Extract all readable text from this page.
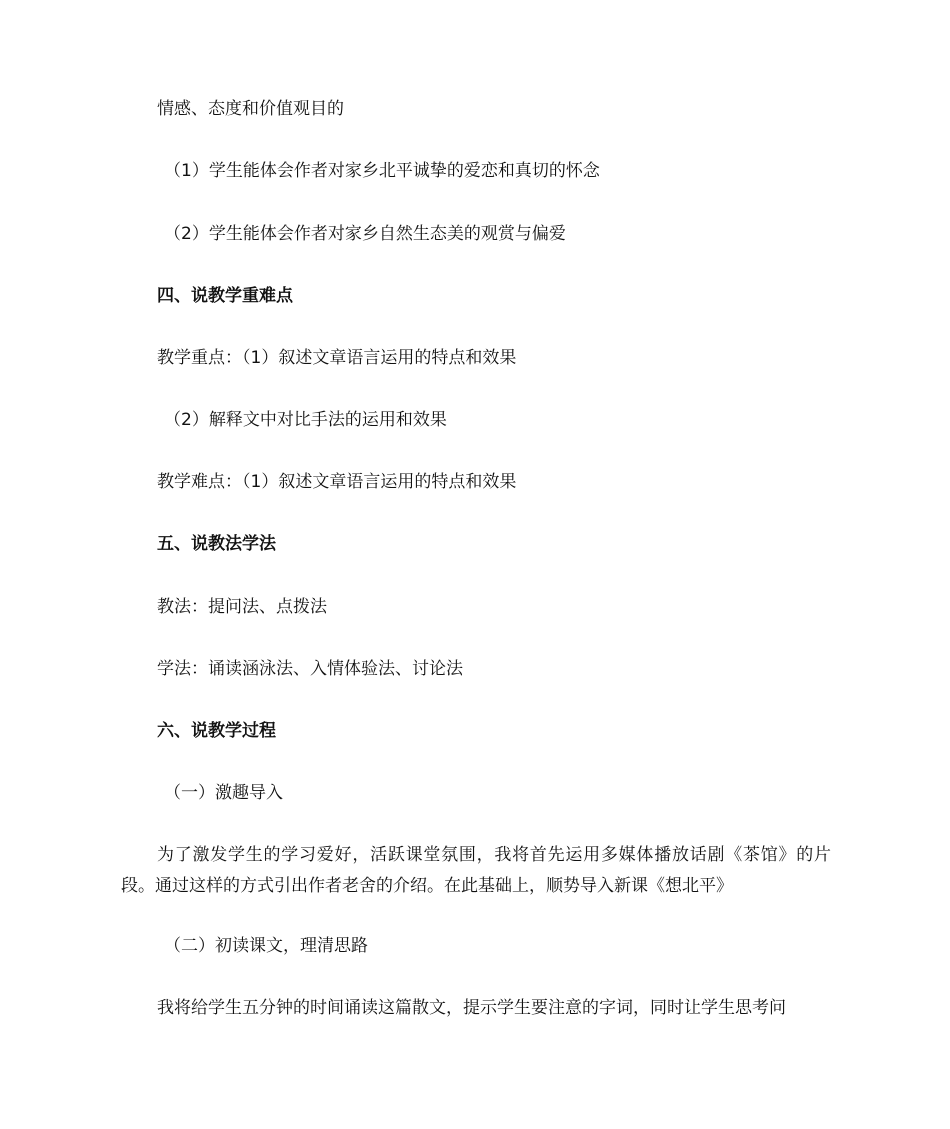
情感、态度和价值观目的
（1）学生能体会作者对家乡北平诚挚的爱恋和真切的怀念
（2）学生能体会作者对家乡自然生态美的观赏与偏爱
四、说教学重难点
教学重点：（1）叙述文章语言运用的特点和效果
（2）解释文中对比手法的运用和效果
教学难点：（1）叙述文章语言运用的特点和效果
五、说教法学法
教法：提问法、点拨法
学法：诵读涵泳法、入情体验法、讨论法
六、说教学过程
（一）激趣导入
为了激发学生的学习爱好，活跃课堂氛围，我将首先运用多媒体播放话剧《茶馆》的片段。通过这样的方式引出作者老舍的介绍。在此基础上，顺势导入新课《想北平》
（二）初读课文，理清思路
我将给学生五分钟的时间诵读这篇散文，提示学生要注意的字词，同时让学生思考问
